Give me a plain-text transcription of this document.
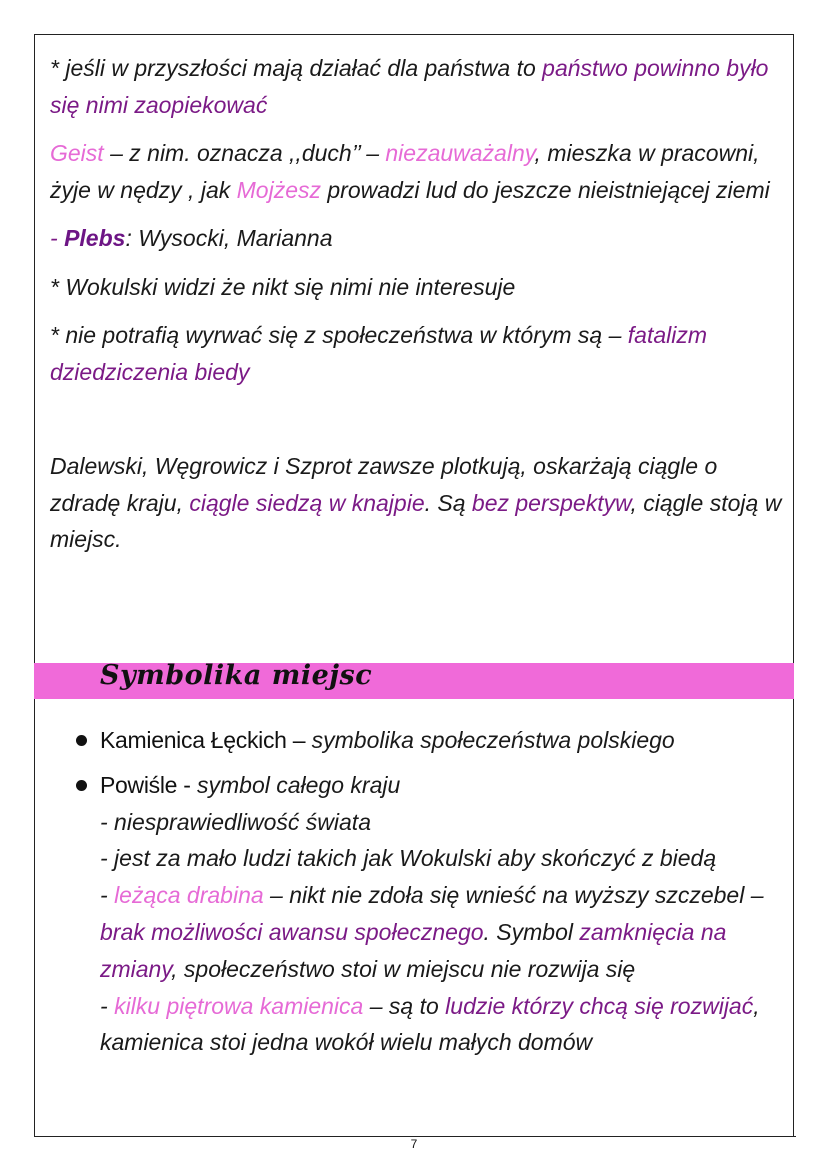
* jeśli w przyszłości mają działać dla państwa to państwo powinno było się nimi zaopiekować

Geist – z nim. oznacza ,,duch’’ – niezauważalny, mieszka w pracowni, żyje w nędzy , jak Mojżesz prowadzi lud do jeszcze nieistniejącej ziemi

- Plebs: Wysocki, Marianna

* Wokulski widzi że nikt się nimi nie interesuje

* nie potrafią wyrwać się z społeczeństwa w którym są – fatalizm dziedziczenia biedy

Dalewski, Węgrowicz i Szprot zawsze plotkują, oskarżają ciągle o zdradę kraju, ciągle siedzą w knajpie. Są bez perspektyw, ciągle stoją w miejsc.

Symbolika miejsc
Kamienica Łęckich – symbolika społeczeństwa polskiego
Powiśle - symbol całego kraju
- niesprawiedliwość świata
- jest za mało ludzi takich jak Wokulski aby skończyć z biedą
- leżąca drabina – nikt nie zdoła się wnieść na wyższy szczebel – brak możliwości awansu społecznego. Symbol zamknięcia na zmiany, społeczeństwo stoi w miejscu nie rozwija się
- kilku piętrowa kamienica – są to ludzie którzy chcą się rozwijać, kamienica stoi jedna wokół wielu małych domów
7
